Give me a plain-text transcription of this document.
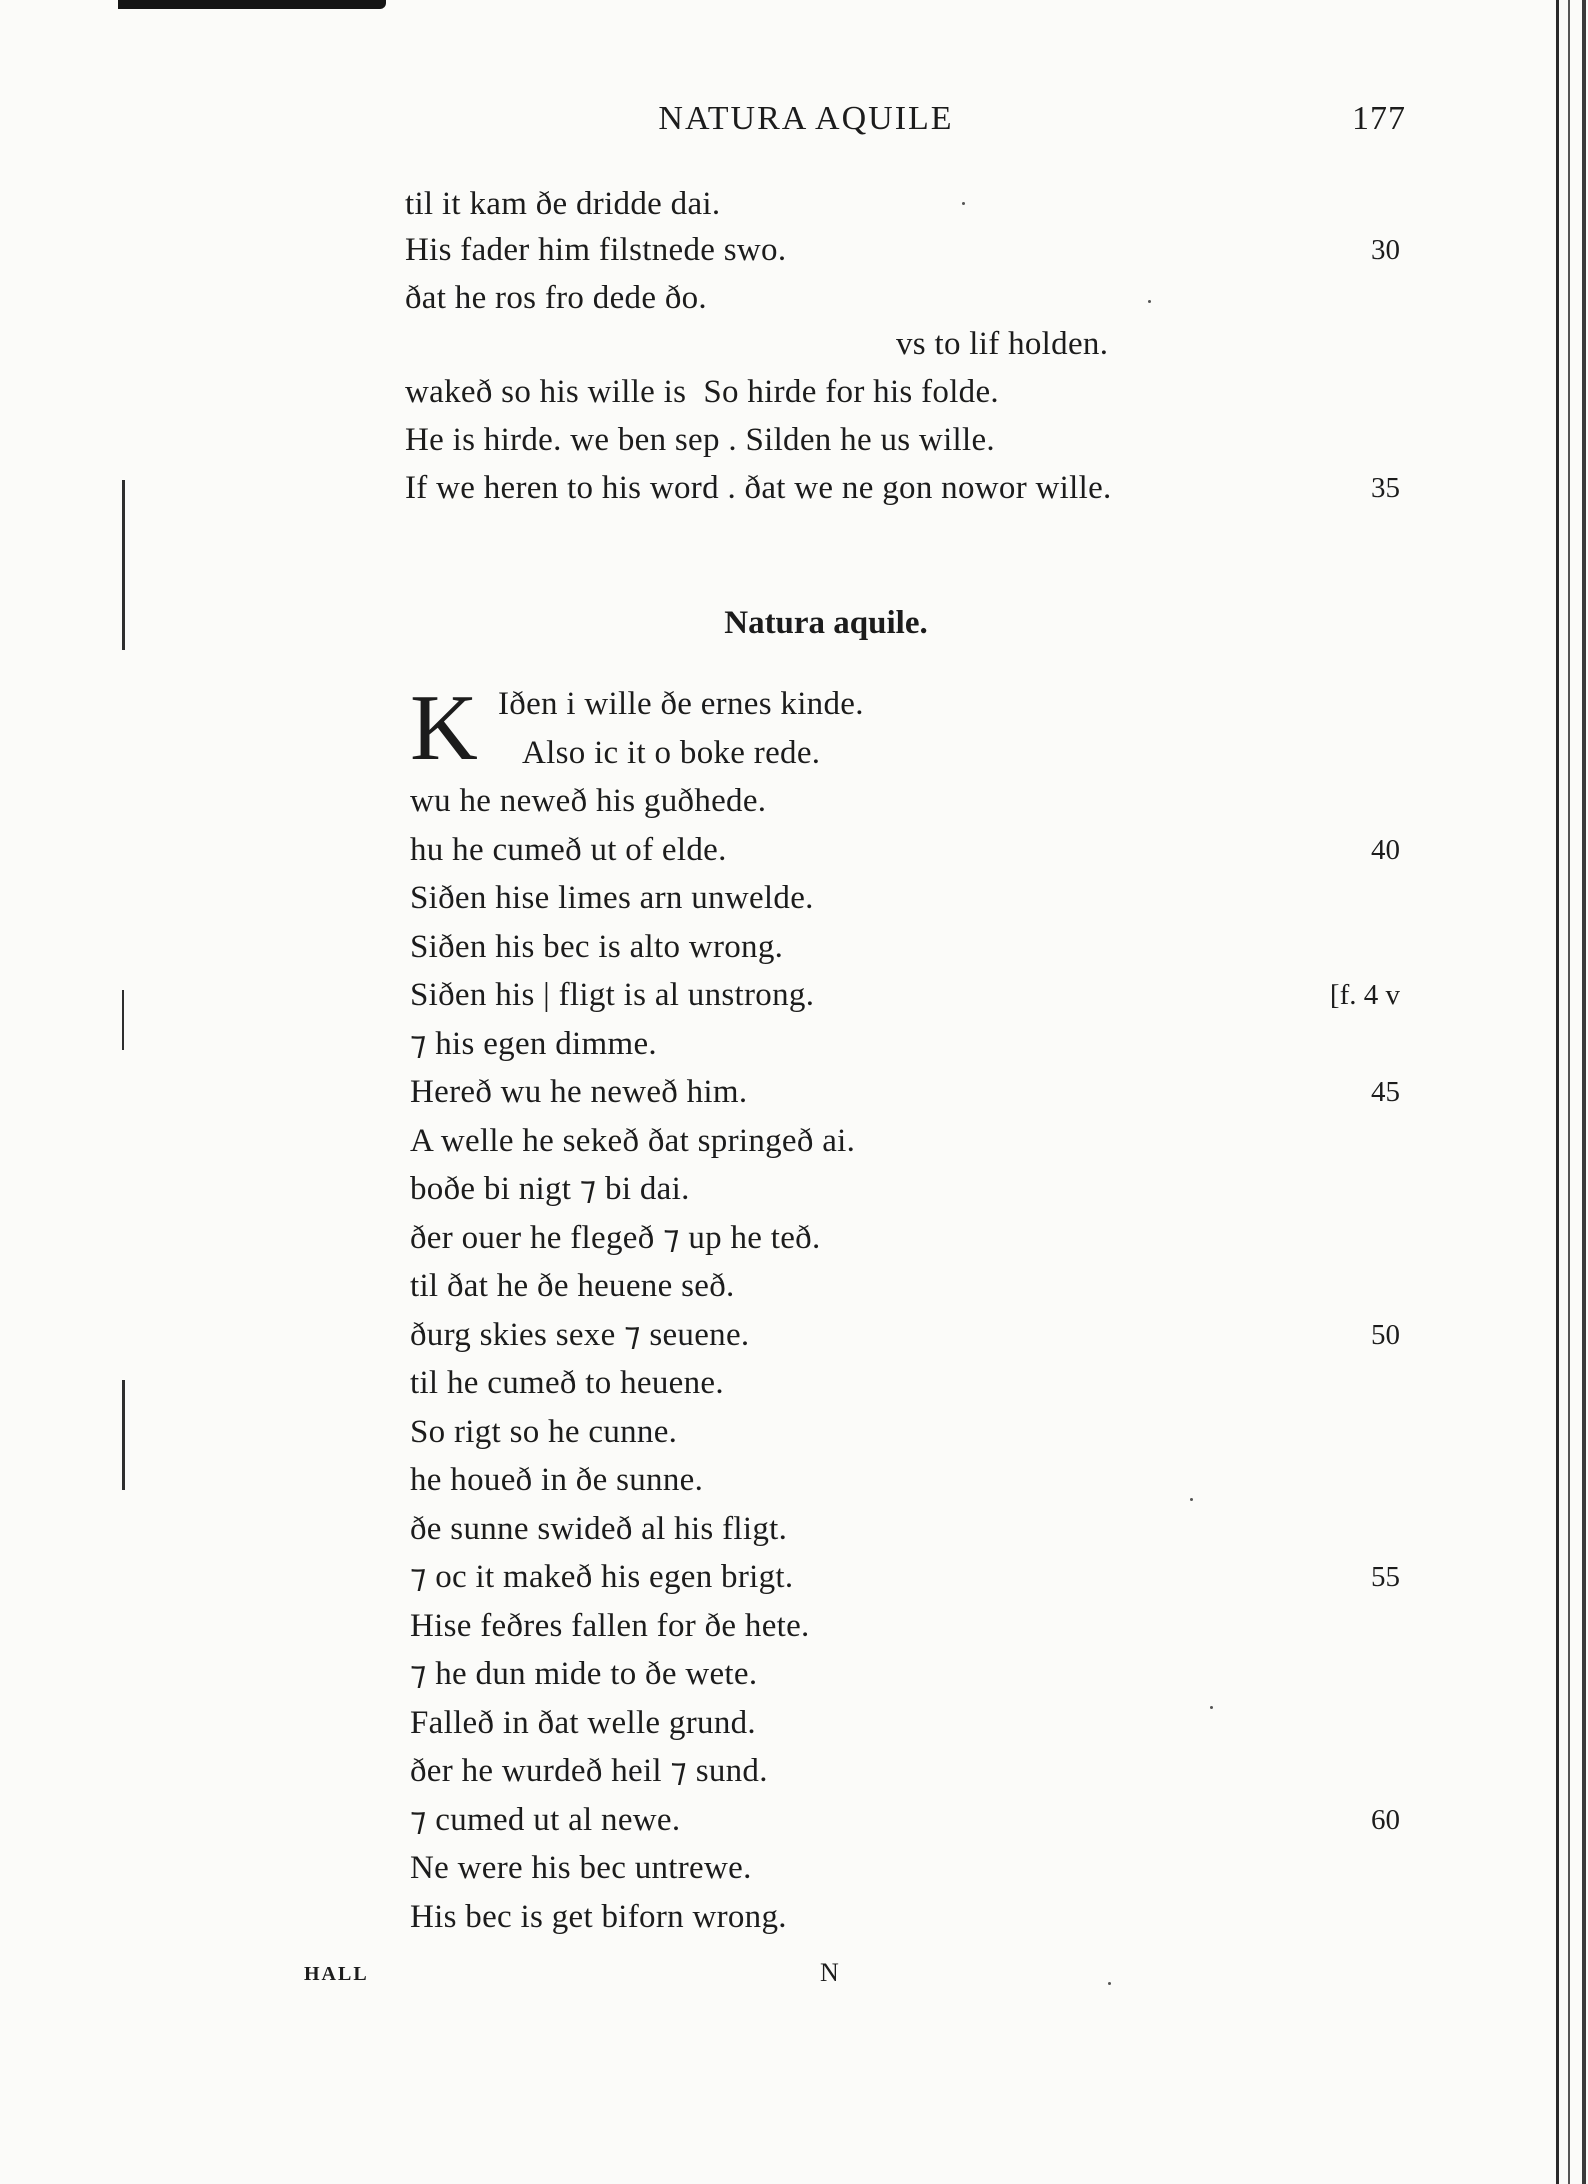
NATURA AQUILE	177
til it kam ðe dridde dai.
His fader him filstnede swo.	30
ðat he ros fro dede ðo.
vs to lif holden.
wakeð so his wille is  So hirde for his folde.
He is hirde. we ben sep . Silden he us wille.
If we heren to his word . ðat we ne gon nowor wille.	35
Natura aquile.
K Iðen i wille ðe ernes kinde.
Also ic it o boke rede.
wu he neweð his guðhede.
hu he cumeð ut of elde.	40
Siðen hise limes arn unwelde.
Siðen his bec is alto wrong.
Siðen his | fligt is al unstrong.	[f. 4 v
⁊ his egen dimme.
Hereð wu he neweð him.	45
A welle he sekeð ðat springeð ai.
boðe bi nigt ⁊ bi dai.
ðer ouer he flegeð ⁊ up he teð.
til ðat he ðe heuene seð.
ðurg skies sexe ⁊ seuene.	50
til he cumeð to heuene.
So rigt so he cunne.
he houeð in ðe sunne.
ðe sunne swideð al his fligt.
⁊ oc it makeð his egen brigt.	55
Hise feðres fallen for ðe hete.
⁊ he dun mide to ðe wete.
Falleð in ðat welle grund.
ðer he wurdeð heil ⁊ sund.
⁊ cumed ut al newe.	60
Ne were his bec untrewe.
His bec is get biforn wrong.
HALL	N
